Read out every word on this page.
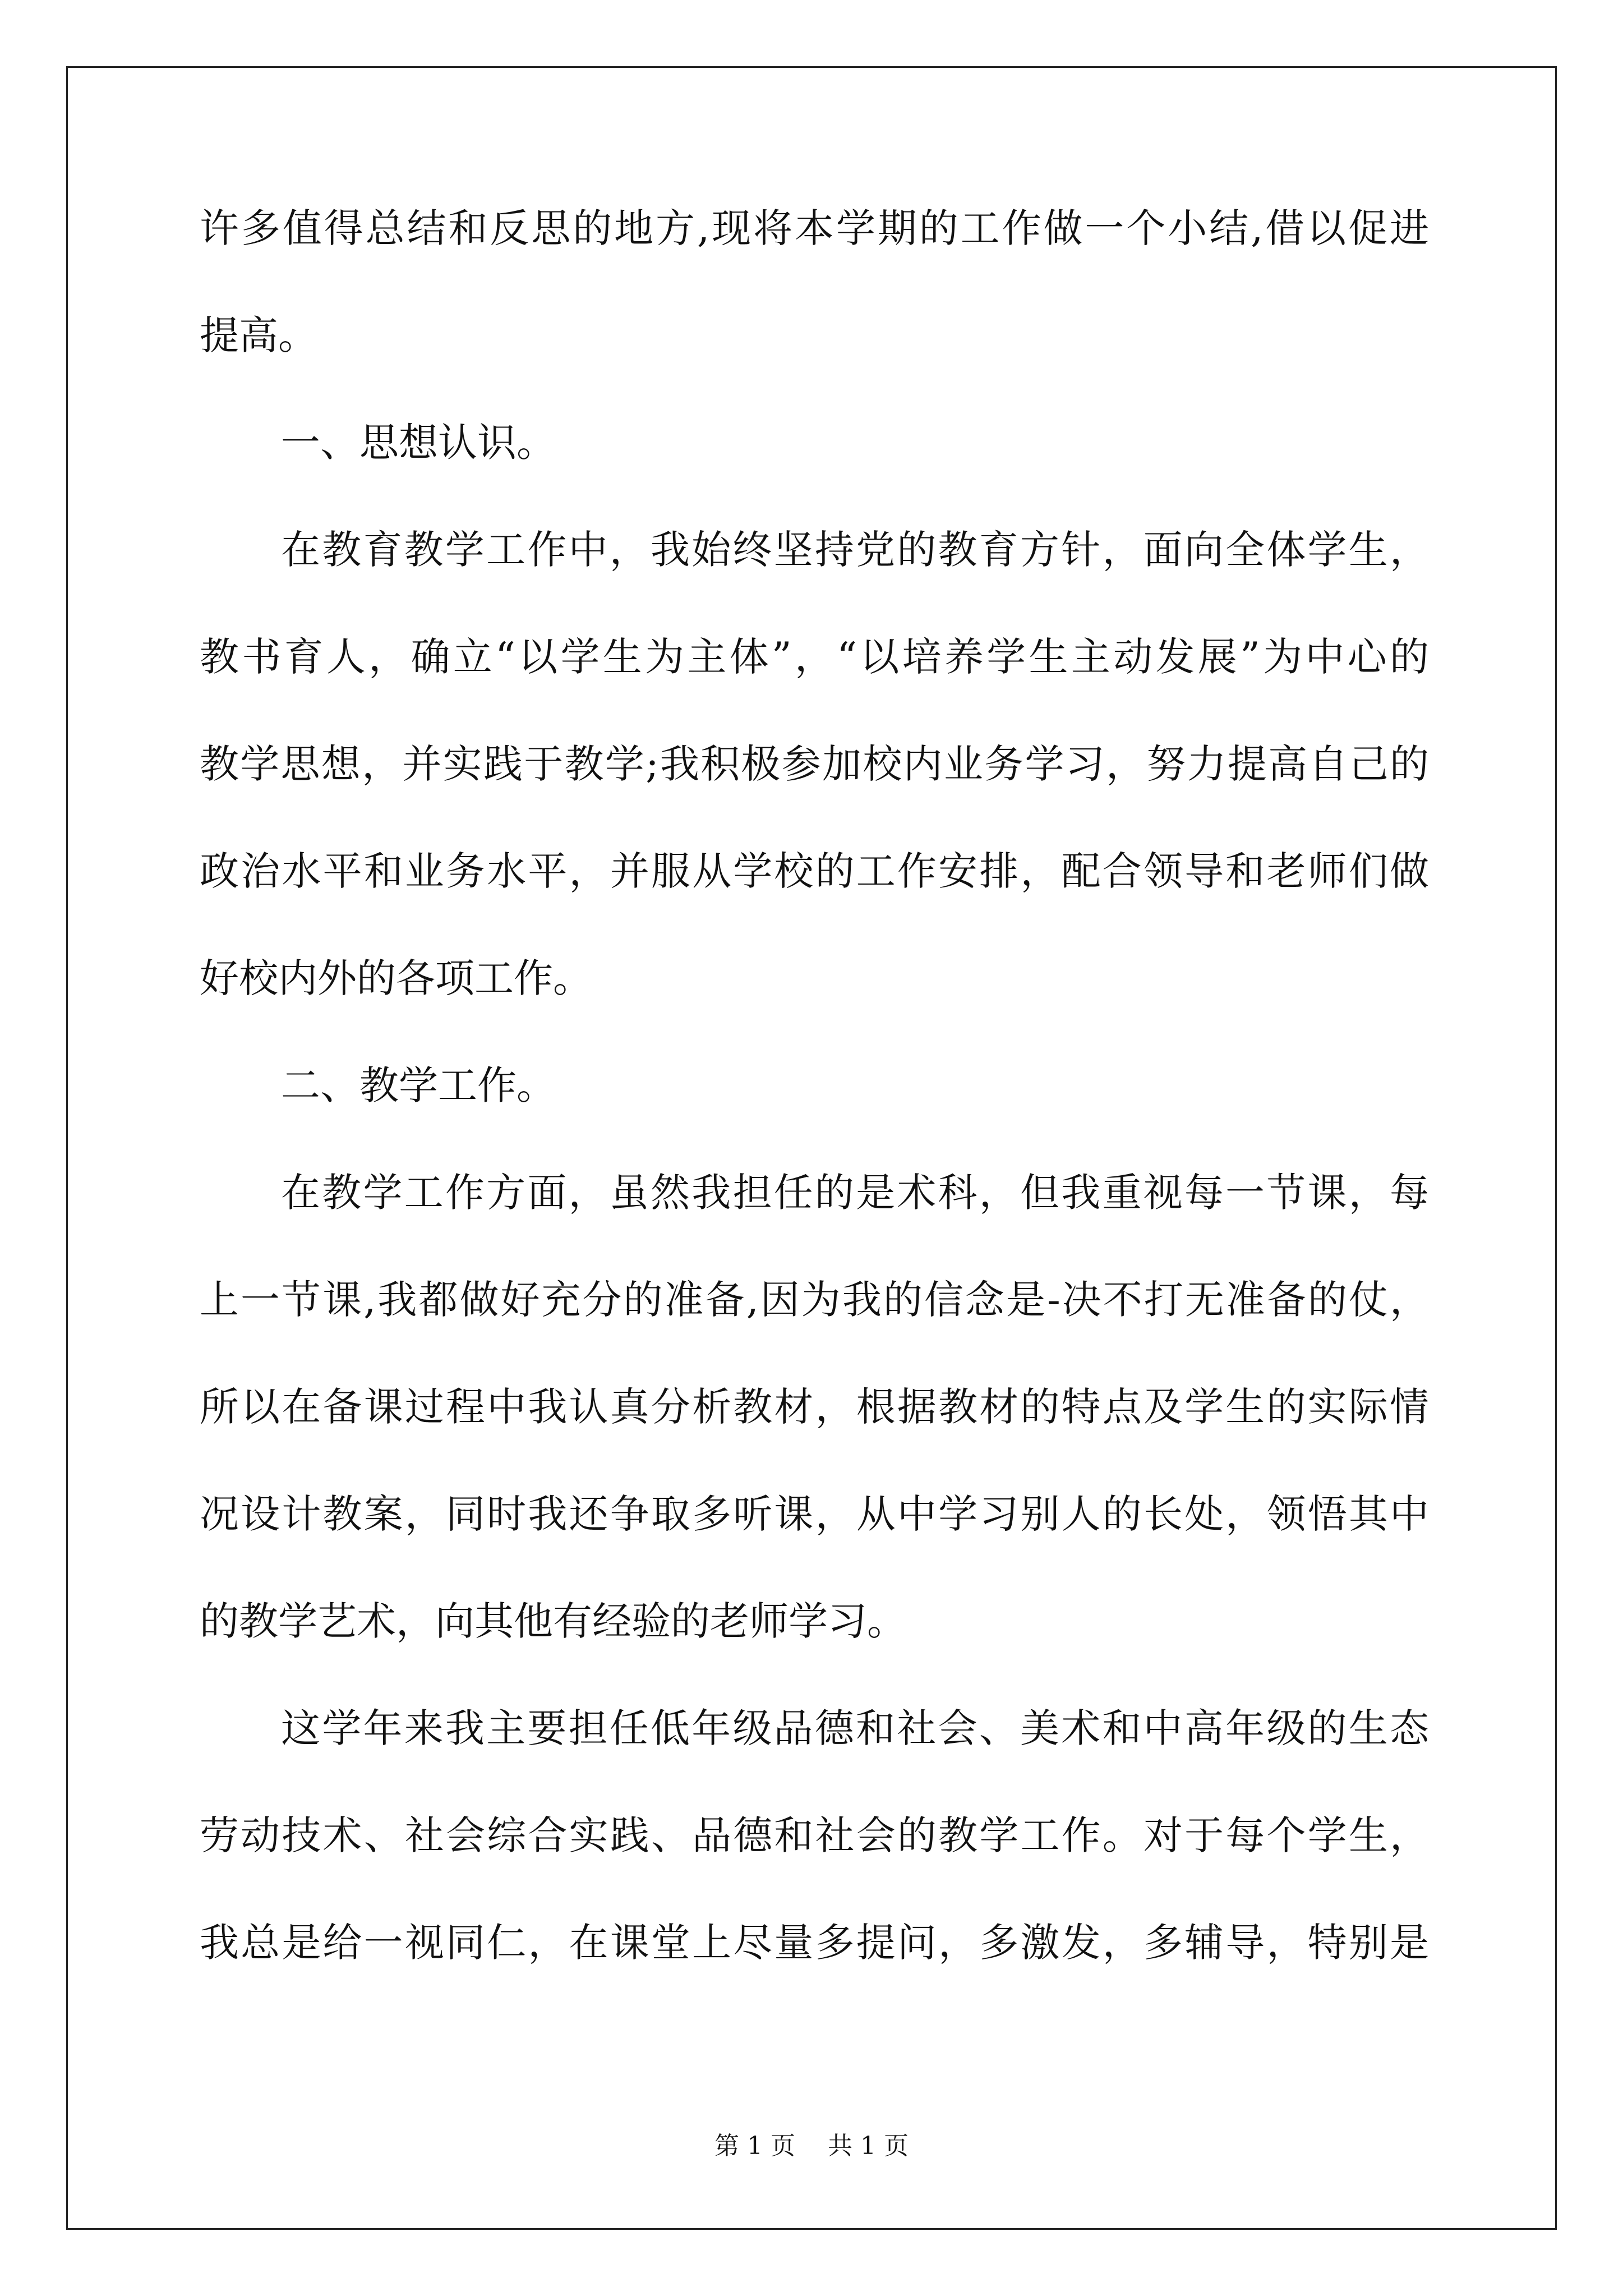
许多值得总结和反思的地方,现将本学期的工作做一个小结,借以促进
提高。
一、思想认识。
在教育教学工作中，我始终坚持党的教育方针，面向全体学生，
教书育人，确立“以学生为主体”，“以培养学生主动发展”为中心的
教学思想，并实践于教学;我积极参加校内业务学习，努力提高自己的
政治水平和业务水平，并服从学校的工作安排，配合领导和老师们做
好校内外的各项工作。
二、教学工作。
在教学工作方面，虽然我担任的是术科，但我重视每一节课，每
上一节课,我都做好充分的准备,因为我的信念是-决不打无准备的仗，
所以在备课过程中我认真分析教材，根据教材的特点及学生的实际情
况设计教案，同时我还争取多听课，从中学习别人的长处，领悟其中
的教学艺术，向其他有经验的老师学习。
这学年来我主要担任低年级品德和社会、美术和中高年级的生态
劳动技术、社会综合实践、品德和社会的教学工作。对于每个学生，
我总是给一视同仁，在课堂上尽量多提问，多激发，多辅导，特别是
第 1 页 共 1 页
